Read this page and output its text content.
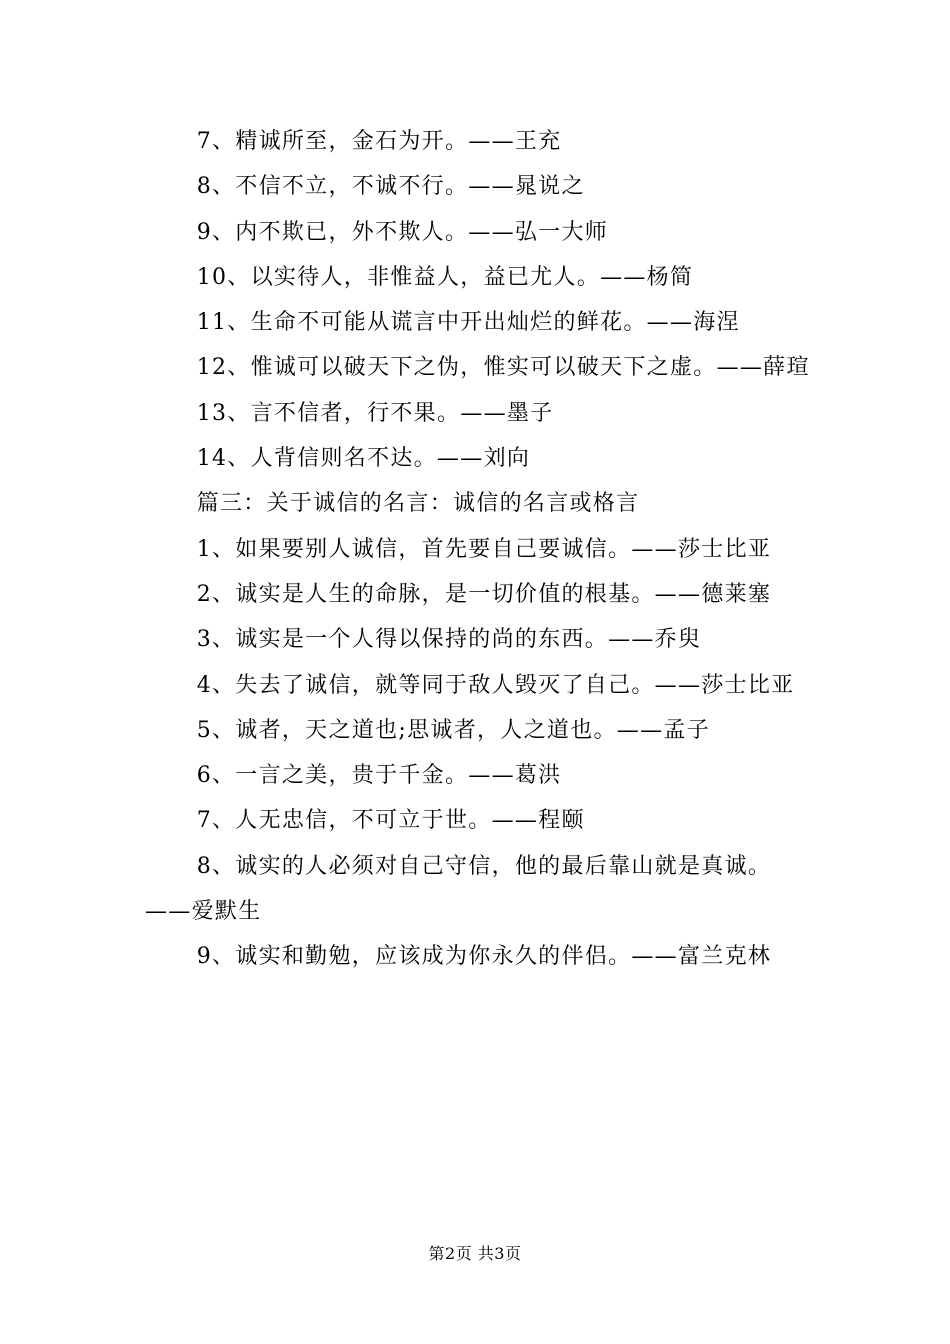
7、精诚所至，金石为开。——王充

8、不信不立，不诚不行。——晁说之

9、内不欺已，外不欺人。——弘一大师

10、以实待人，非惟益人，益已尤人。——杨简

11、生命不可能从谎言中开出灿烂的鲜花。——海涅

12、惟诚可以破天下之伪，惟实可以破天下之虚。——薛瑄

13、言不信者，行不果。——墨子

14、人背信则名不达。——刘向

篇三：关于诚信的名言：诚信的名言或格言

1、如果要别人诚信，首先要自己要诚信。——莎士比亚

2、诚实是人生的命脉，是一切价值的根基。——德莱塞

3、诚实是一个人得以保持的尚的东西。——乔臾

4、失去了诚信，就等同于敌人毁灭了自己。——莎士比亚

5、诚者，天之道也;思诚者，人之道也。——孟子

6、一言之美，贵于千金。——葛洪

7、人无忠信，不可立于世。——程颐

8、诚实的人必须对自己守信，他的最后靠山就是真诚。——爱默生

9、诚实和勤勉，应该成为你永久的伴侣。——富兰克林

第2页 共3页
